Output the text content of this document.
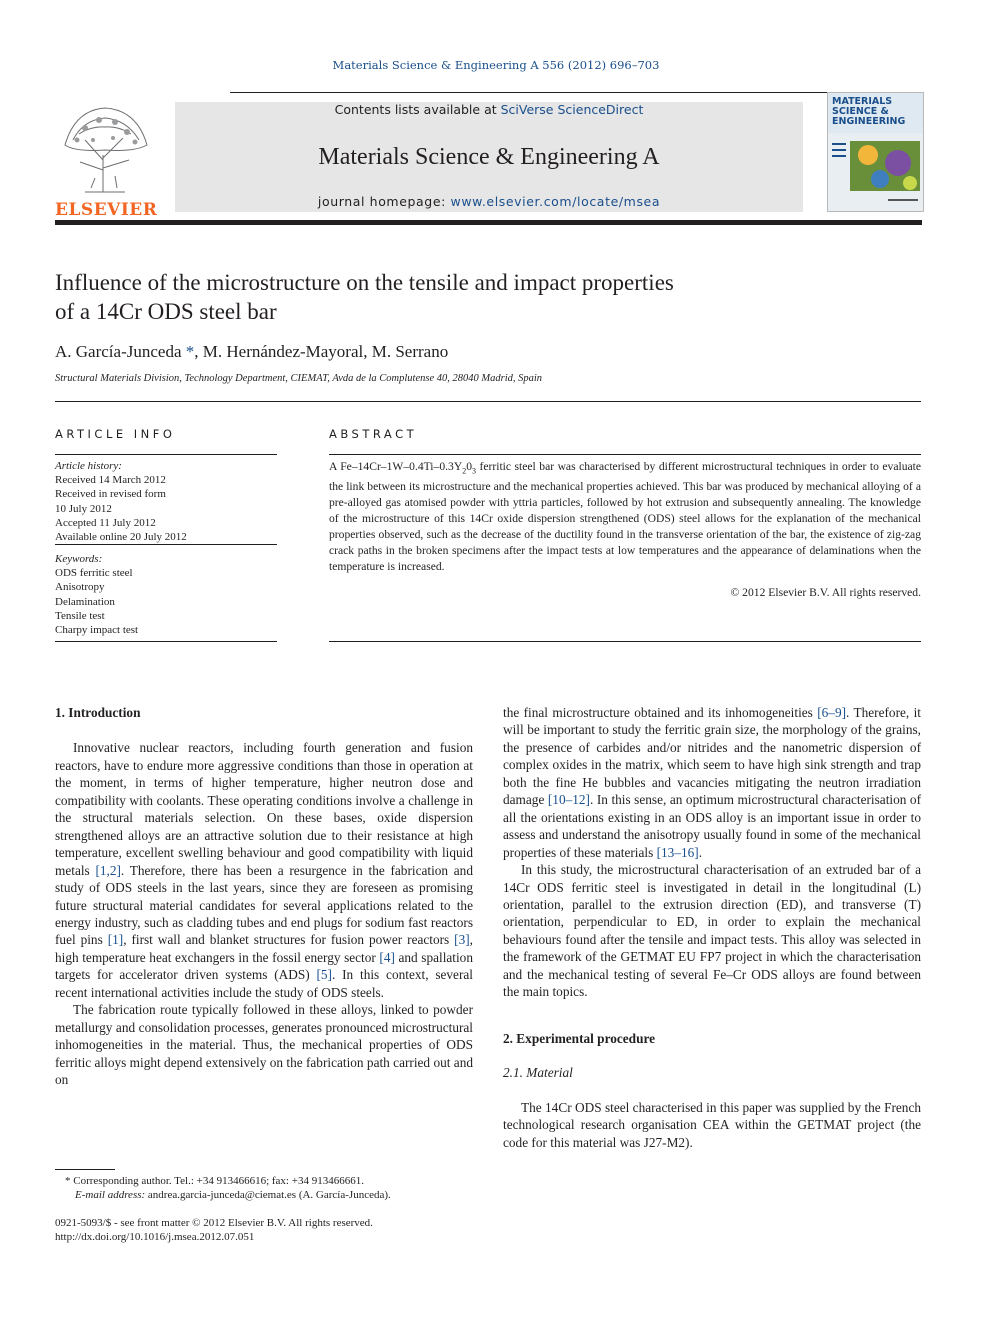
Materials Science & Engineering A 556 (2012) 696–703
ELSEVIER
Contents lists available at SciVerse ScienceDirect
Materials Science & Engineering A
journal homepage: www.elsevier.com/locate/msea
MATERIALS SCIENCE & ENGINEERING
Influence of the microstructure on the tensile and impact properties
of a 14Cr ODS steel bar
A. García-Junceda *, M. Hernández-Mayoral, M. Serrano
Structural Materials Division, Technology Department, CIEMAT, Avda de la Complutense 40, 28040 Madrid, Spain
ARTICLE INFO
Article history:
Received 14 March 2012
Received in revised form
10 July 2012
Accepted 11 July 2012
Available online 20 July 2012
Keywords:
ODS ferritic steel
Anisotropy
Delamination
Tensile test
Charpy impact test
ABSTRACT
A $Fe-14Cr-1W-0.4Ti-0.3Y_20_3$ ferritic steel bar was characterised by different microstructural techniques in order to evaluate the link between its microstructure and the mechanical properties achieved. This bar was produced by mechanical alloying of a pre-alloyed gas atomised powder with yttria particles, followed by hot extrusion and subsequently annealing. The knowledge of the microstructure of this 14Cr oxide dispersion strengthened (ODS) steel allows for the explanation of the mechanical properties observed, such as the decrease of the ductility found in the transverse orientation of the bar, the existence of zig-zag crack paths in the broken specimens after the impact tests at low temperatures and the appearance of delaminations when the temperature is increased.
© 2012 Elsevier B.V. All rights reserved.
1. Introduction

Innovative nuclear reactors, including fourth generation and fusion reactors, have to endure more aggressive conditions than those in operation at the moment, in terms of higher temperature, higher neutron dose and compatibility with coolants. These operating conditions involve a challenge in the structural materials selection. On these bases, oxide dispersion strengthened alloys are an attractive solution due to their resistance at high temperature, excellent swelling behaviour and good compatibility with liquid metals [1,2]. Therefore, there has been a resurgence in the fabrication and study of ODS steels in the last years, since they are foreseen as promising future structural material candidates for several applications related to the energy industry, such as cladding tubes and end plugs for sodium fast reactors fuel pins [1], first wall and blanket structures for fusion power reactors [3], high temperature heat exchangers in the fossil energy sector [4] and spallation targets for accelerator driven systems (ADS) [5]. In this context, several recent international activities include the study of ODS steels.

The fabrication route typically followed in these alloys, linked to powder metallurgy and consolidation processes, generates pronounced microstructural inhomogeneities in the material. Thus, the mechanical properties of ODS ferritic alloys might depend extensively on the fabrication path carried out and on

* Corresponding author. Tel.: +34 913466616; fax: +34 913466661.
E-mail address: andrea.garcia-junceda@ciemat.es (A. García-Junceda).
0921-5093/$ - see front matter © 2012 Elsevier B.V. All rights reserved.
http://dx.doi.org/10.1016/j.msea.2012.07.051

the final microstructure obtained and its inhomogeneities [6–9]. Therefore, it will be important to study the ferritic grain size, the morphology of the grains, the presence of carbides and/or nitrides and the nanometric dispersion of complex oxides in the matrix, which seem to have high sink strength and trap both the fine He bubbles and vacancies mitigating the neutron irradiation damage [10–12]. In this sense, an optimum microstructural characterisation of all the orientations existing in an ODS alloy is an important issue in order to assess and understand the anisotropy usually found in some of the mechanical properties of these materials [13–16].

In this study, the microstructural characterisation of an extruded bar of a 14Cr ODS ferritic steel is investigated in detail in the longitudinal (L) orientation, parallel to the extrusion direction (ED), and transverse (T) orientation, perpendicular to ED, in order to explain the mechanical behaviours found after the tensile and impact tests. This alloy was selected in the framework of the GETMAT EU FP7 project in which the characterisation and the mechanical testing of several Fe–Cr ODS alloys are found between the main topics.

2. Experimental procedure
2.1. Material

The 14Cr ODS steel characterised in this paper was supplied by the French technological research organisation CEA within the GETMAT project (the code for this material was J27-M2).
